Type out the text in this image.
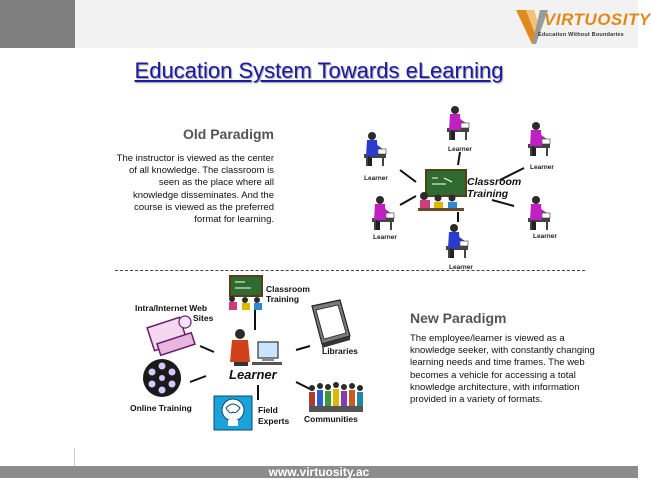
VIRTUOSITY
Education Without Boundaries
Education System Towards eLearning
Old Paradigm
The instructor is viewed as the center
of all knowledge. The classroom is
seen as the place where all
knowledge disseminates. And the
course is viewed as the preferred
format for learning.
New Paradigm
The employee/learner is viewed as a
knowledge seeker, with constantly changing
learning needs and time frames. The web
becomes a vehicle for accessing a total
knowledge architecture, with information
provided in a variety of formats.
Classroom
Training
Learner
Learner
Learner
Learner	Learner
Learner
Classroom
Training
Intra/Internet Web
Sites
Learner
Libraries
Online Training	Field
Experts Communities
www.virtuosity.ac
